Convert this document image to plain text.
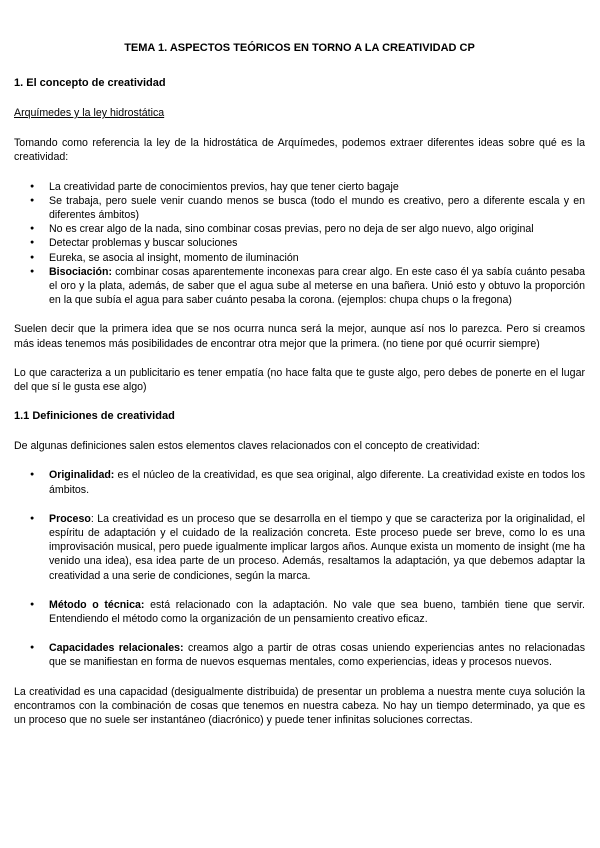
TEMA 1. ASPECTOS TEÓRICOS EN TORNO A LA CREATIVIDAD CP
1. El concepto de creatividad
Arquímedes y la ley hidrostática

Tomando como referencia la ley de la hidrostática de Arquímedes, podemos extraer diferentes ideas sobre qué es la creatividad:

● La creatividad parte de conocimientos previos, hay que tener cierto bagaje
● Se trabaja, pero suele venir cuando menos se busca (todo el mundo es creativo, pero a diferente escala y en diferentes ámbitos)
● No es crear algo de la nada, sino combinar cosas previas, pero no deja de ser algo nuevo, algo original
● Detectar problemas y buscar soluciones
● Eureka, se asocia al insight, momento de iluminación
● Bisociación: combinar cosas aparentemente inconexas para crear algo. En este caso él ya sabía cuánto pesaba el oro y la plata, además, de saber que el agua sube al meterse en una bañera. Unió esto y obtuvo la proporción en la que subía el agua para saber cuánto pesaba la corona. (ejemplos: chupa chups o la fregona)

Suelen decir que la primera idea que se nos ocurra nunca será la mejor, aunque así nos lo parezca. Pero si creamos más ideas tenemos más posibilidades de encontrar otra mejor que la primera. (no tiene por qué ocurrir siempre)

Lo que caracteriza a un publicitario es tener empatía (no hace falta que te guste algo, pero debes de ponerte en el lugar del que sí le gusta ese algo)

1.1 Definiciones de creatividad

De algunas definiciones salen estos elementos claves relacionados con el concepto de creatividad:

● Originalidad: es el núcleo de la creatividad, es que sea original, algo diferente. La creatividad existe en todos los ámbitos.
● Proceso: La creatividad es un proceso que se desarrolla en el tiempo y que se caracteriza por la originalidad, el espíritu de adaptación y el cuidado de la realización concreta. Este proceso puede ser breve, como lo es una improvisación musical, pero puede igualmente implicar largos años. Aunque exista un momento de insight (me ha venido una idea), esa idea parte de un proceso. Además, resaltamos la adaptación, ya que debemos adaptar la creatividad a una serie de condiciones, según la marca.
● Método o técnica: está relacionado con la adaptación. No vale que sea bueno, también tiene que servir. Entendiendo el método como la organización de un pensamiento creativo eficaz.
● Capacidades relacionales: creamos algo a partir de otras cosas uniendo experiencias antes no relacionadas que se manifiestan en forma de nuevos esquemas mentales, como experiencias, ideas y procesos nuevos.

La creatividad es una capacidad (desigualmente distribuida) de presentar un problema a nuestra mente cuya solución la encontramos con la combinación de cosas que tenemos en nuestra cabeza. No hay un tiempo determinado, ya que es un proceso que no suele ser instantáneo (diacrónico) y puede tener infinitas soluciones correctas.
